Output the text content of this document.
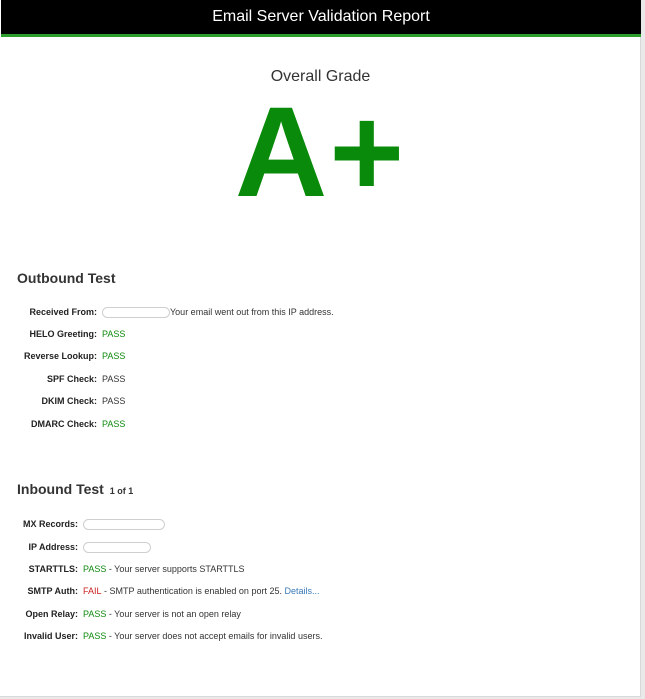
Email Server Validation Report
Overall Grade
A+
Outbound Test
Received From:	Your email went out from this IP address.
HELO Greeting: PASS
Reverse Lookup: PASS
SPF Check: PASS
DKIM Check: PASS
DMARC Check: PASS
Inbound Test 1 of 1
MX Records:
IP Address:
STARTTLS: PASS - Your server supports STARTTLS
SMTP Auth: FAIL - SMTP authentication is enabled on port 25. Details...
Open Relay: PASS - Your server is not an open relay
Invalid User: PASS - Your server does not accept emails for invalid users.
